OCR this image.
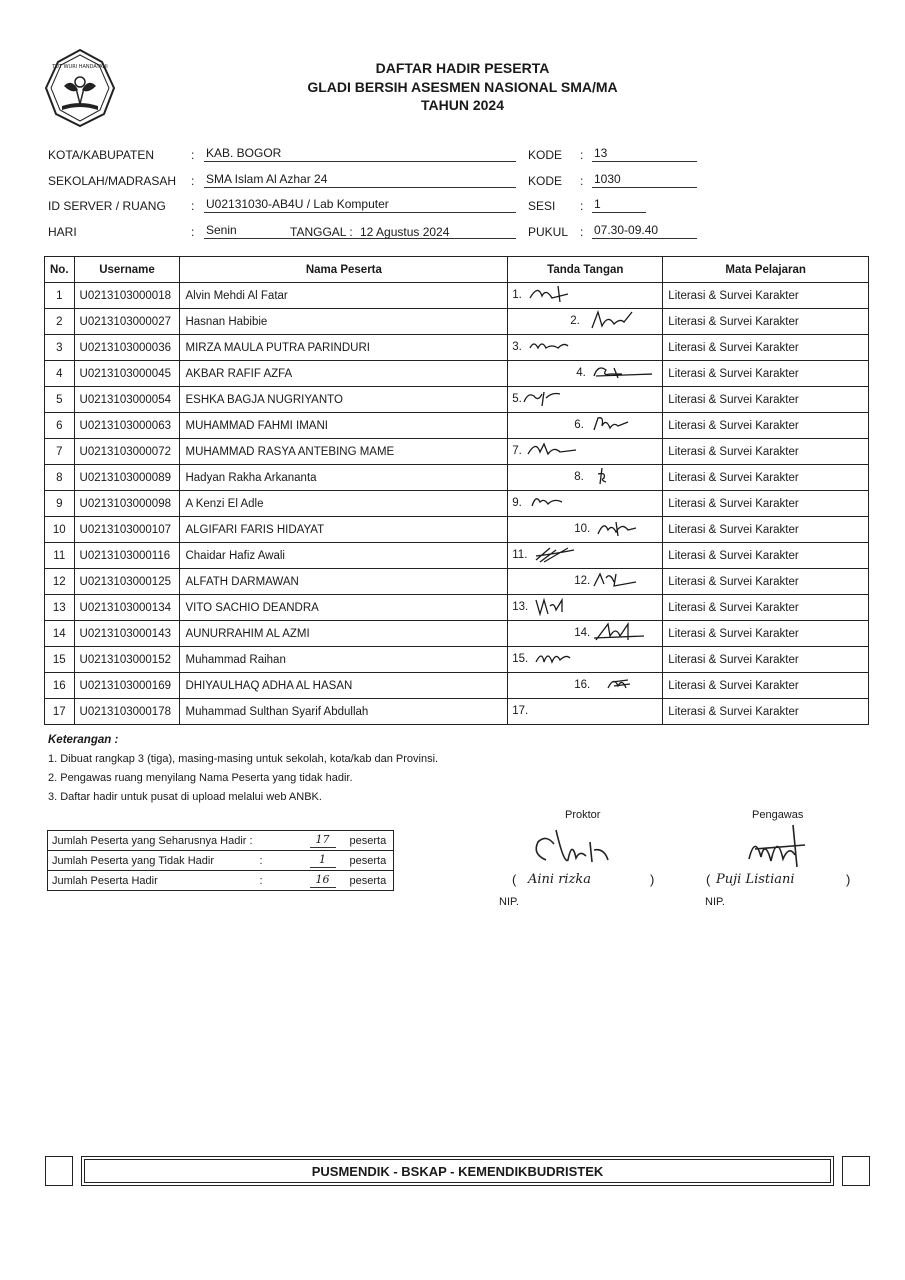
TUT WURI HANDAYANI	DAFTAR HADIR PESERTA
GLADI BERSIH ASESMEN NASIONAL SMA/MA
TAHUN 2024
KOTA/KABUPATEN	: KAB. BOGOR	KODE : 13
SEKOLAH/MADRASAH : SMA Islam Al Azhar 24	KODE : 1030
ID SERVER / RUANG : U02131030-AB4U / Lab Komputer	SESI : 1
HARI	: Senin	TANGGAL : 12 Agustus 2024	PUKUL : 07.30-09.40
No.	Username	Nama Peserta	Tanda Tangan	Mata Pelajaran
1	U0213103000018	Alvin Mehdi Al Fatar	1.	Literasi & Survei Karakter
2	U0213103000027	Hasnan Habibie	2.	Literasi & Survei Karakter
3	U0213103000036	MIRZA MAULA PUTRA PARINDURI	3.	Literasi & Survei Karakter
4	U0213103000045	AKBAR RAFIF AZFA	4.	Literasi & Survei Karakter
5	U0213103000054	ESHKA BAGJA NUGRIYANTO	5.	Literasi & Survei Karakter
6	U0213103000063	MUHAMMAD FAHMI IMANI	6.	Literasi & Survei Karakter
7	U0213103000072	MUHAMMAD RASYA ANTEBING MAME	7.	Literasi & Survei Karakter
8	U0213103000089	Hadyan Rakha Arkananta	8.	Literasi & Survei Karakter
9	U0213103000098	A Kenzi El Adle	9.	Literasi & Survei Karakter
10	U0213103000107	ALGIFARI FARIS HIDAYAT	10.	Literasi & Survei Karakter
11	U0213103000116	Chaidar Hafiz Awali	11.	Literasi & Survei Karakter
12	U0213103000125	ALFATH DARMAWAN	12.	Literasi & Survei Karakter
13	U0213103000134	VITO SACHIO DEANDRA	13.	Literasi & Survei Karakter
14	U0213103000143	AUNURRAHIM AL AZMI	14.	Literasi & Survei Karakter
15	U0213103000152	Muhammad Raihan	15.	Literasi & Survei Karakter
16	U0213103000169	DHIYAULHAQ ADHA AL HASAN	16.	Literasi & Survei Karakter
17	U0213103000178	Muhammad Sulthan Syarif Abdullah	17.	Literasi & Survei Karakter
Keterangan :
1. Dibuat rangkap 3 (tiga), masing-masing untuk sekolah, kota/kab dan Provinsi.
2. Pengawas ruang menyilang Nama Peserta yang tidak hadir.
3. Daftar hadir untuk pusat di upload melalui web ANBK.
Jumlah Peserta yang Seharusnya Hadir :	17	peserta
Jumlah Peserta yang Tidak Hadir :	1	peserta
Jumlah Peserta Hadir :	16	peserta
Proktor
( Aini rizka	)
NIP.
Pengawas
( Puji Listiani	)
NIP.
PUSMENDIK - BSKAP - KEMENDIKBUDRISTEK
